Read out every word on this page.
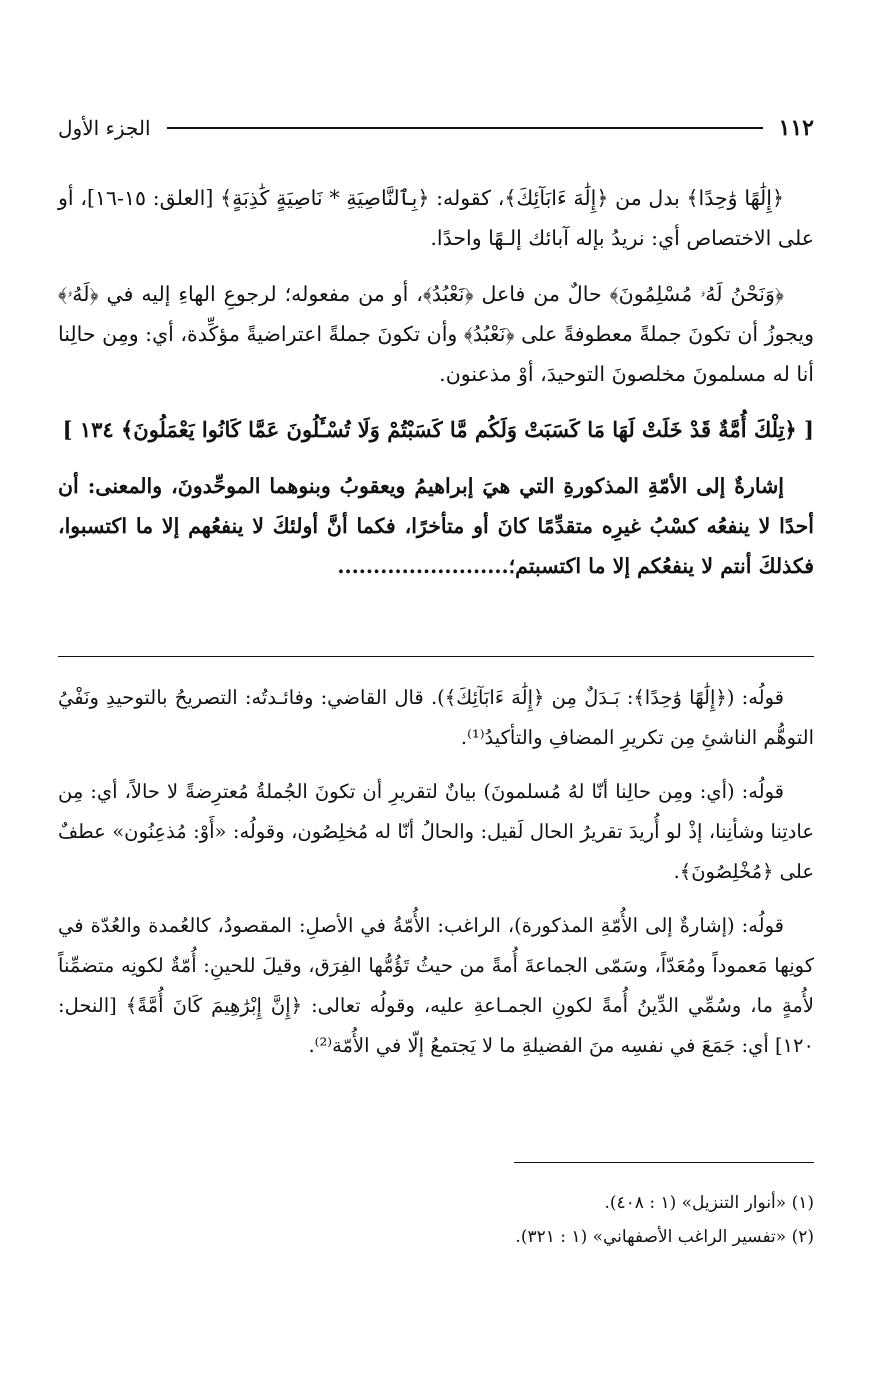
١١٢
الجزء الأول

﴿إِلَٰهًا وَٰحِدًا﴾ بدل من ﴿إِلَٰهَ ءَابَآئِكَ﴾، كقوله: ﴿بِٱلنَّاصِيَةِ * نَاصِيَةٍ كَٰذِبَةٍ﴾ [العلق: ١٥-١٦]، أو على الاختصاص أي: نريدُ بإله آبائك إلـهًا واحدًا.

﴿وَنَحْنُ لَهُۥ مُسْلِمُونَ﴾ حالٌ من فاعل ﴿نَعْبُدُ﴾، أو من مفعوله؛ لرجوعِ الهاءِ إليه في ﴿لَهُۥ﴾ ويجوزُ أن تكونَ جملةً معطوفةً على ﴿نَعْبُدُ﴾ وأن تكونَ جملةً اعتراضيةً مؤكِّدة، أي: ومِن حالِنا أنا له مسلمونَ مخلصونَ التوحيدَ، أوْ مذعنون.

[ ﴿تِلْكَ أُمَّةٌ قَدْ خَلَتْ لَهَا مَا كَسَبَتْ وَلَكُم مَّا كَسَبْتُمْ وَلَا تُسْـَٔلُونَ عَمَّا كَانُوا يَعْمَلُونَ﴾ ١٣٤ ]

إشارةٌ إلى الأمّةِ المذكورةِ التي هيَ إبراهيمُ ويعقوبُ وبنوهما الموحِّدونَ، والمعنى: أن أحدًا لا ينفعُه كسْبُ غيرِه متقدِّمًا كانَ أو متأخرًا، فكما أنَّ أولئكَ لا ينفعُهم إلا ما اكتسبوا، فكذلكَ أنتم لا ينفعُكم إلا ما اكتسبتم؛........................

قولُه: (﴿إِلَٰهًا وَٰحِدًا﴾: بَـدَلٌ مِن ﴿إِلَٰهَ ءَابَآئِكَ﴾). قال القاضي: وفائـدتُه: التصريحُ بالتوحيدِ ونَفْيُ التوهُّم الناشئِ مِن تكريرِ المضافِ والتأكيدُ⁽¹⁾.

قولُه: (أي: ومِن حالِنا أنّا لهُ مُسلمونَ) بيانٌ لتقريرِ أن تكونَ الجُملةُ مُعترِضةً لا حالاً، أي: مِن عادتِنا وشأنِنا، إذْ لو أُريدَ تقريرُ الحال لَقيل: والحالُ أنّا له مُخلِصُون، وقولُه: «أَوْ: مُذعِنُون» عطفٌ على ﴿مُخْلِصُونَ﴾.

قولُه: (إشارةٌ إلى الأُمّةِ المذكورة)، الراغب: الأُمّةُ في الأصلِ: المقصودُ، كالعُمدة والعُدّة في كونِها مَعموداً ومُعَدّاً، وسَمّى الجماعةَ أُمةً من حيثُ تَؤُمُّها الفِرَق، وقيلَ للحينِ: أُمّةٌ لكونِه متضمِّناً لأُمةٍ ما، وسُمِّي الدِّينُ أُمةً لكونِ الجمـاعةِ عليه، وقولُه تعالى: ﴿إِنَّ إِبْرَٰهِيمَ كَانَ أُمَّةً﴾ [النحل: ١٢٠] أي: جَمَعَ في نفسِه منَ الفضيلةِ ما لا يَجتمعُ إلّا في الأُمّة⁽²⁾.

(١) «أنوار التنزيل» (١ : ٤٠٨).
(٢) «تفسير الراغب الأصفهاني» (١ : ٣٢١).
